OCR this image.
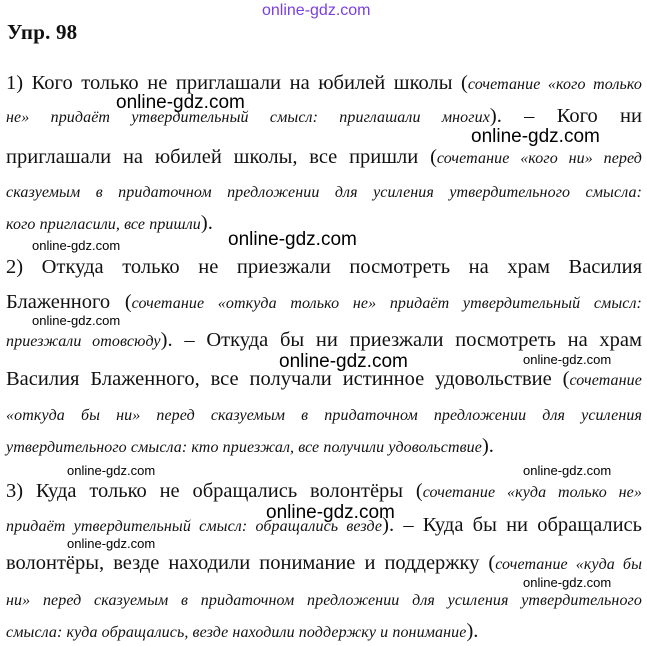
online-gdz.com
Упр. 98
1) Кого только не приглашали на юбилей школы (сочетание «кого только
не» придаёт утвердительный смысл: приглашали многих). – Кого ни
приглашали на юбилей школы, все пришли (сочетание «кого ни» перед
сказуемым в придаточном предложении для усиления утвердительного смысла:
кого пригласили, все пришли).
2) Откуда только не приезжали посмотреть на храм Василия
Блаженного (сочетание «откуда только не» придаёт утвердительный смысл:
приезжали отовсюду). – Откуда бы ни приезжали посмотреть на храм
Василия Блаженного, все получали истинное удовольствие (сочетание
«откуда бы ни» перед сказуемым в придаточном предложении для усиления
утвердительного смысла: кто приезжал, все получили удовольствие).
3) Куда только не обращались волонтёры (сочетание «куда только не»
придаёт утвердительный смысл: обращались везде). – Куда бы ни обращались
волонтёры, везде находили понимание и поддержку (сочетание «куда бы
ни» перед сказуемым в придаточном предложении для усиления утвердительного
смысла: куда обращались, везде находили поддержку и понимание).
online-gdz.com
online-gdz.com
online-gdz.com
online-gdz.com
online-gdz.com
online-gdz.com	online-gdz.com
online-gdz.com	online-gdz.com
online-gdz.com
online-gdz.com
online-gdz.com
